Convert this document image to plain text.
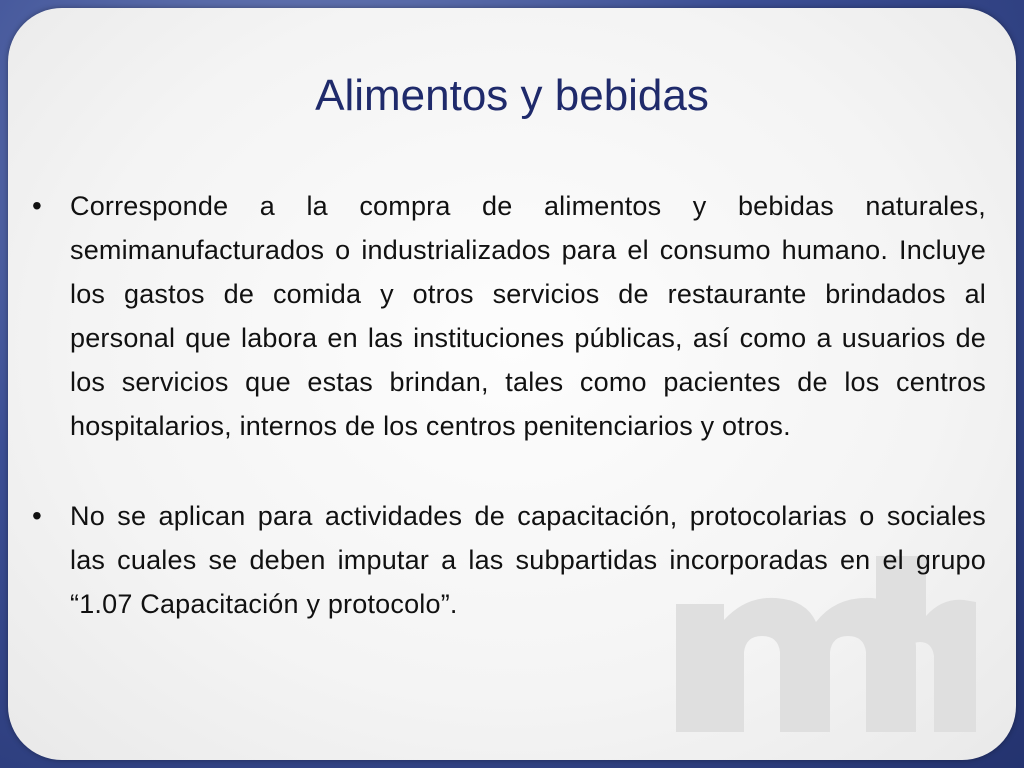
Alimentos y bebidas
• Corresponde a la compra de alimentos y bebidas naturales, semimanufacturados o industrializados para el consumo humano. Incluye los gastos de comida y otros servicios de restaurante brindados al personal que labora en las instituciones públicas, así como a usuarios de los servicios que estas brindan, tales como pacientes de los centros hospitalarios, internos de los centros penitenciarios y otros.
• No se aplican para actividades de capacitación, protocolarias o sociales las cuales se deben imputar a las subpartidas incorporadas en el grupo “1.07 Capacitación y protocolo”.
